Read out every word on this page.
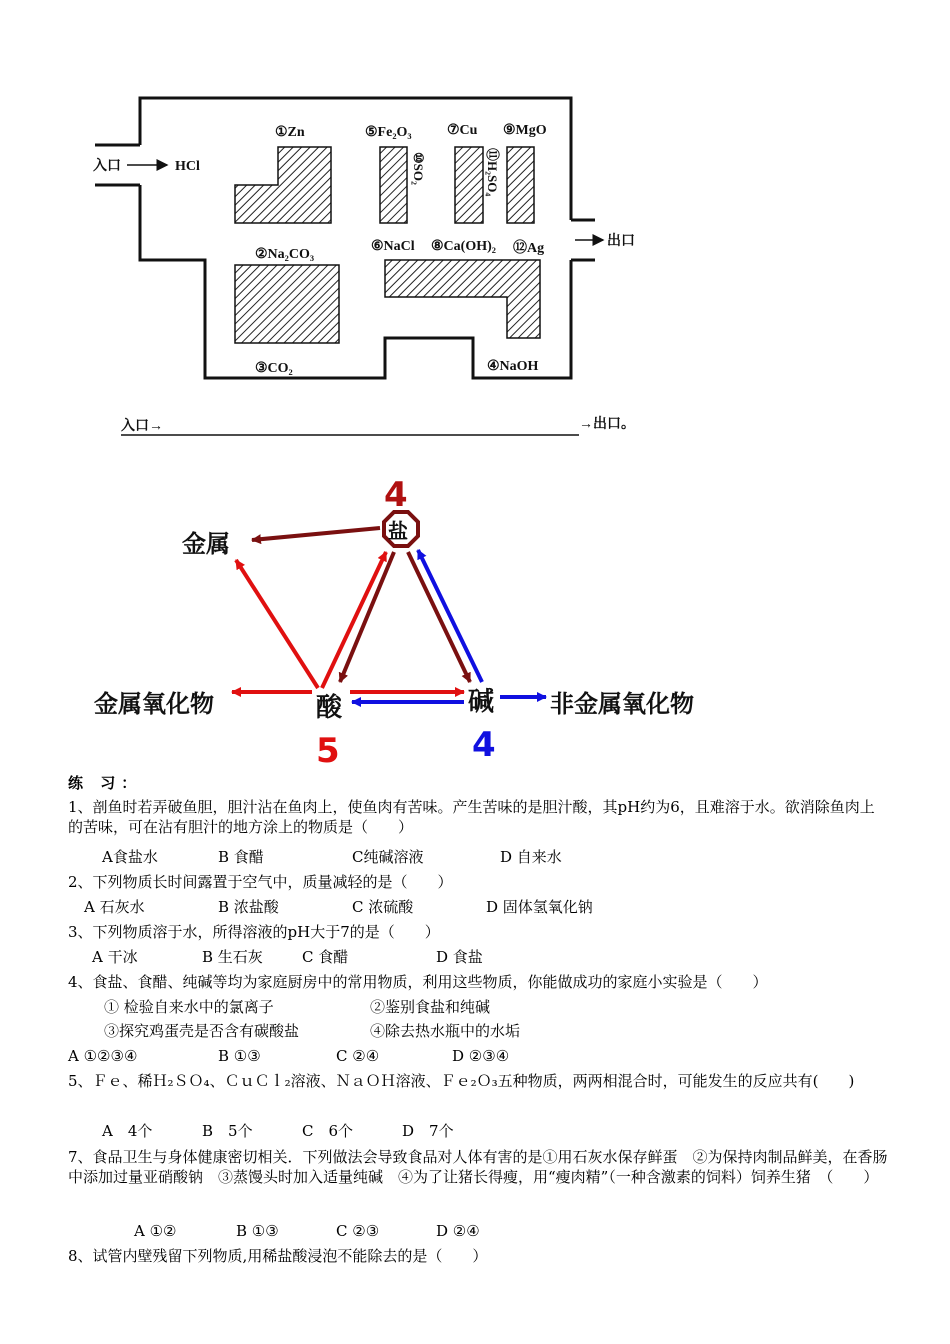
入口	HCl
出口
①Zn
②Na₂CO₃
③CO₂	④NaOH
⑤Fe₂O₃
⑥NaCl
⑦Cu
⑧Ca(OH)₂
⑨MgO
⑫Ag
⑩SO₂	⑪H₂SO₄
入口→	→出口。
4
盐
金属
金属氧化物	酸
5
碱
4
非金属氧化物
练 习：
1、剖鱼时若弄破鱼胆，胆汁沾在鱼肉上，使鱼肉有苦味。产生苦味的是胆汁酸，其pH约为6，且难溶于水。欲消除鱼肉上的苦味，可在沾有胆汁的地方涂上的物质是（　　）
A食盐水	B 食醋	C纯碱溶液	D 自来水
2、下列物质长时间露置于空气中，质量减轻的是（　　）
A 石灰水	B 浓盐酸	C 浓硫酸	D 固体氢氧化钠
3、下列物质溶于水，所得溶液的pH大于7的是（　　）
A 干冰	B 生石灰	C 食醋	D 食盐
4、食盐、食醋、纯碱等均为家庭厨房中的常用物质，利用这些物质，你能做成功的家庭小实验是（　　）
① 检验自来水中的氯离子	②鉴别食盐和纯碱
③探究鸡蛋壳是否含有碳酸盐	④除去热水瓶中的水垢
A ①②③④	B ①③	C ②④	D ②③④
5、Ｆｅ、稀Ｈ₂ＳＯ₄、ＣｕＣｌ₂溶液、ＮａＯＨ溶液、Ｆｅ₂Ｏ₃五种物质，两两相混合时，可能发生的反应共有(　　)
A　4个	B　5个	C　6个	D　7个
7、食品卫生与身体健康密切相关．下列做法会导致食品对人体有害的是①用石灰水保存鲜蛋　②为保持肉制品鲜美，在香肠中添加过量亚硝酸钠　③蒸馒头时加入适量纯碱　④为了让猪长得瘦，用“瘦肉精”（一种含激素的饲料）饲养生猪　（　　）
A ①②	B ①③	C ②③	D ②④
8、试管内壁残留下列物质,用稀盐酸浸泡不能除去的是（　　）
